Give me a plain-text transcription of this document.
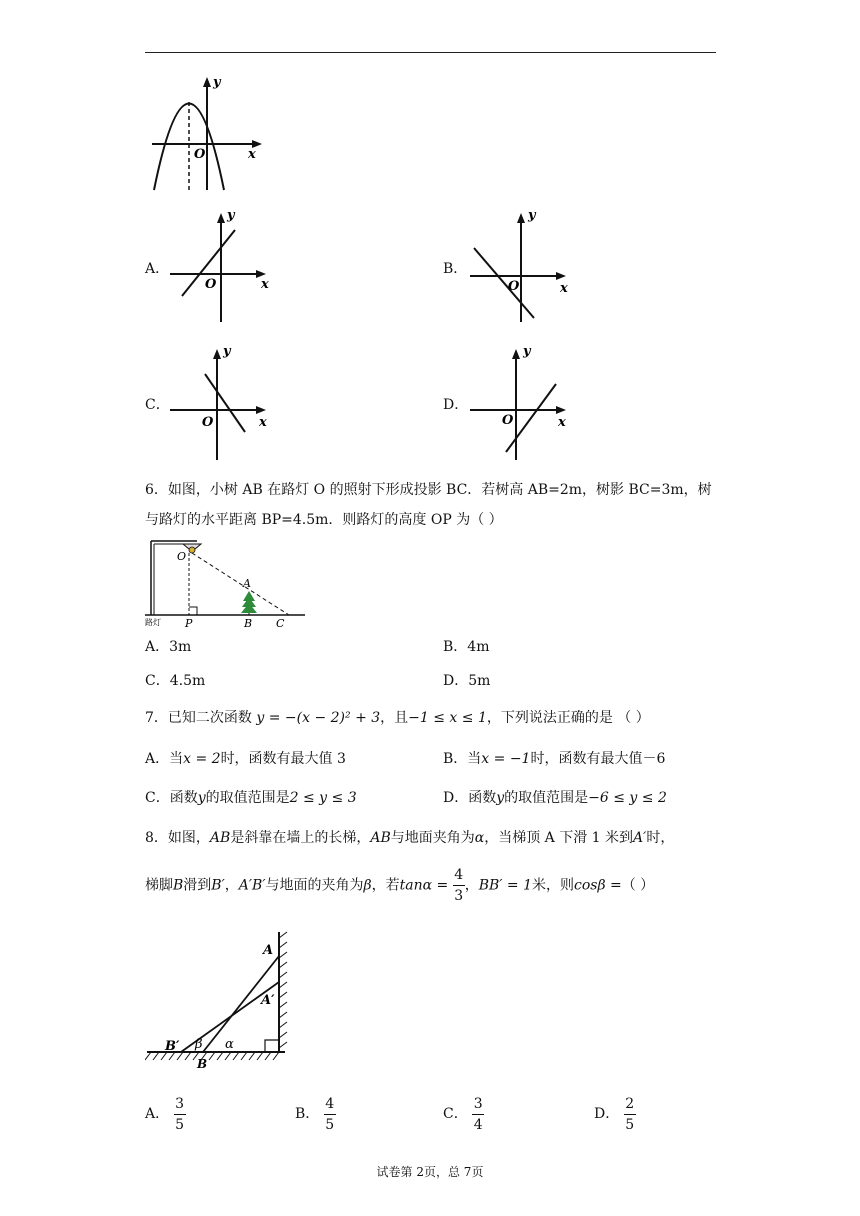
y
x
O
A．
y
x
O
B．
y
x
O
C．
y
x
O
D．
y
x
O
6．如图，小树 AB 在路灯 O 的照射下形成投影 BC．若树高 AB=2m，树影 BC=3m，树
与路灯的水平距离 BP=4.5m．则路灯的高度 OP 为（ ）
路灯
O
A
P	B C
A．3m	B．4m
C．4.5m	D．5m
7．已知二次函数 y = −(x − 2)² + 3，且−1 ≤ x ≤ 1，下列说法正确的是 （ ）
A．当x = 2时，函数有最大值 3	B．当x = −1时，函数有最大值－6
C．函数y的取值范围是2 ≤ y ≤ 3	D．函数y的取值范围是−6 ≤ y ≤ 2
8．如图，AB是斜靠在墙上的长梯，AB与地面夹角为α，当梯顶 A 下滑 1 米到A′时，
梯脚B滑到B′，A′B′与地面的夹角为β，若$\tan\alpha = \frac{4}{3}$ ，BB′ = 1米，则cosβ =（ ）
A
A′
B′
B
β α
A． $\frac{3}{5}$	B． $\frac{4}{5}$	C． $\frac{3}{4}$	D． $\frac{2}{5}$
试卷第 2页，总 7页
